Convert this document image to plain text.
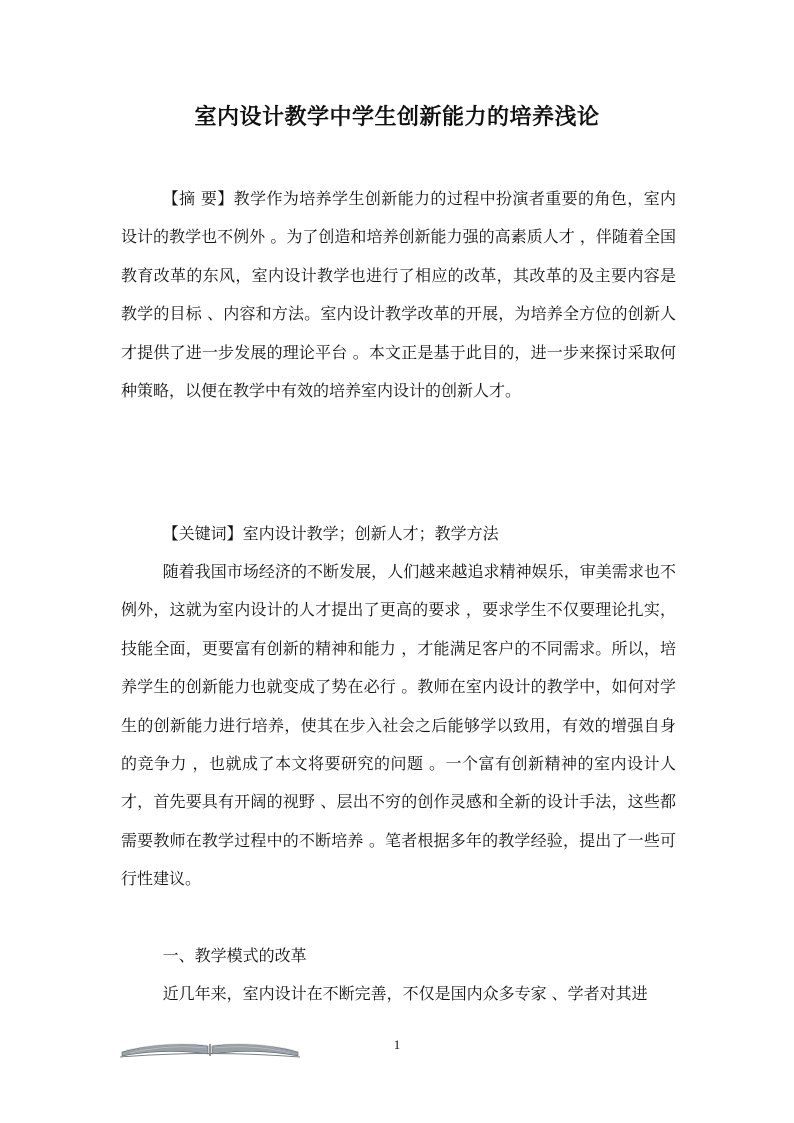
室内设计教学中学生创新能力的培养浅论
【摘 要】教学作为培养学生创新能力的过程中扮演者重要的角色，室内设计的教学也不例外 。为了创造和培养创新能力强的高素质人才 ，伴随着全国教育改革的东风，室内设计教学也进行了相应的改革，其改革的及主要内容是教学的目标 、内容和方法。室内设计教学改革的开展，为培养全方位的创新人才提供了进一步发展的理论平台 。本文正是基于此目的，进一步来探讨采取何种策略，以便在教学中有效的培养室内设计的创新人才。
【关键词】室内设计教学；创新人才；教学方法
随着我国市场经济的不断发展，人们越来越追求精神娱乐，审美需求也不例外，这就为室内设计的人才提出了更高的要求 ，要求学生不仅要理论扎实，技能全面，更要富有创新的精神和能力 ，才能满足客户的不同需求。所以，培养学生的创新能力也就变成了势在必行 。教师在室内设计的教学中，如何对学生的创新能力进行培养，使其在步入社会之后能够学以致用，有效的增强自身的竞争力 ，也就成了本文将要研究的问题 。一个富有创新精神的室内设计人才，首先要具有开阔的视野 、层出不穷的创作灵感和全新的设计手法，这些都需要教师在教学过程中的不断培养 。笔者根据多年的教学经验，提出了一些可行性建议。
一、教学模式的改革
近几年来，室内设计在不断完善，不仅是国内众多专家 、学者对其进
1
